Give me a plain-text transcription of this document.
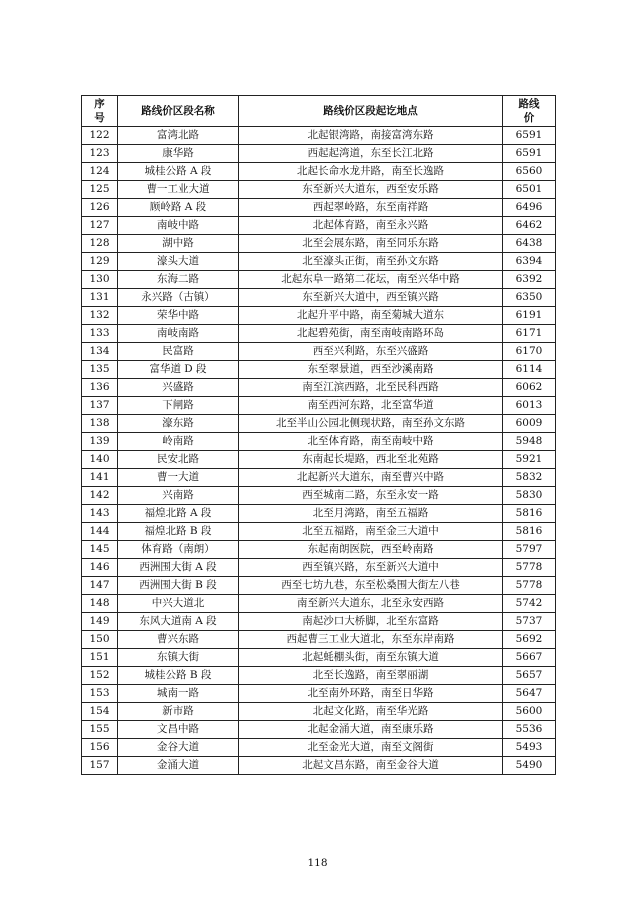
序
号	路线价区段名称	路线价区段起讫地点	路线
价
122	富湾北路	北起银湾路，南接富湾东路	6591
123	康华路	西起起湾道，东至长江北路	6591
124	城桂公路 A 段	北起长命水龙井路，南至长逸路	6560
125	曹一工业大道	东至新兴大道东，西至安乐路	6501
126	顾岭路 A 段	西起翠岭路，东至南祥路	6496
127	南岐中路	北起体育路，南至永兴路	6462
128	湖中路	北至会展东路，南至同乐东路	6438
129	濠头大道	北至濠头正街，南至孙文东路	6394
130	东海二路	北起东阜一路第二花坛，南至兴华中路	6392
131	永兴路（古镇）	东至新兴大道中，西至镇兴路	6350
132	荣华中路	北起升平中路，南至菊城大道东	6191
133	南岐南路	北起碧苑街，南至南岐南路环岛	6171
134	民富路	西至兴利路，东至兴盛路	6170
135	富华道 D 段	东至翠景道，西至沙溪南路	6114
136	兴盛路	南至江滨西路，北至民科西路	6062
137	下闸路	南至西河东路，北至富华道	6013
138	濠东路	北至半山公园北侧现状路，南至孙文东路	6009
139	岭南路	北至体育路，南至南岐中路	5948
140	民安北路	东南起长堤路，西北至北苑路	5921
141	曹一大道	北起新兴大道东，南至曹兴中路	5832
142	兴南路	西至城南二路，东至永安一路	5830
143	福煌北路 A 段	北至月湾路，南至五福路	5816
144	福煌北路 B 段	北至五福路，南至金三大道中	5816
145	体育路（南朗）	东起南朗医院，西至岭南路	5797
146	西洲围大街 A 段	西至镇兴路，东至新兴大道中	5778
147	西洲围大街 B 段	西至七坊九巷，东至松桑围大街左八巷	5778
148	中兴大道北	南至新兴大道东，北至永安西路	5742
149	东风大道南 A 段	南起沙口大桥脚，北至东富路	5737
150	曹兴东路	西起曹三工业大道北，东至东岸南路	5692
151	东镇大街	北起蚝棚头街，南至东镇大道	5667
152	城桂公路 B 段	北至长逸路，南至翠丽湖	5657
153	城南一路	北至南外环路，南至日华路	5647
154	新市路	北起文化路，南至华光路	5600
155	文昌中路	北起金涌大道，南至康乐路	5536
156	金谷大道	北至金光大道，南至文阁街	5493
157	金涌大道	北起文昌东路，南至金谷大道	5490
118
